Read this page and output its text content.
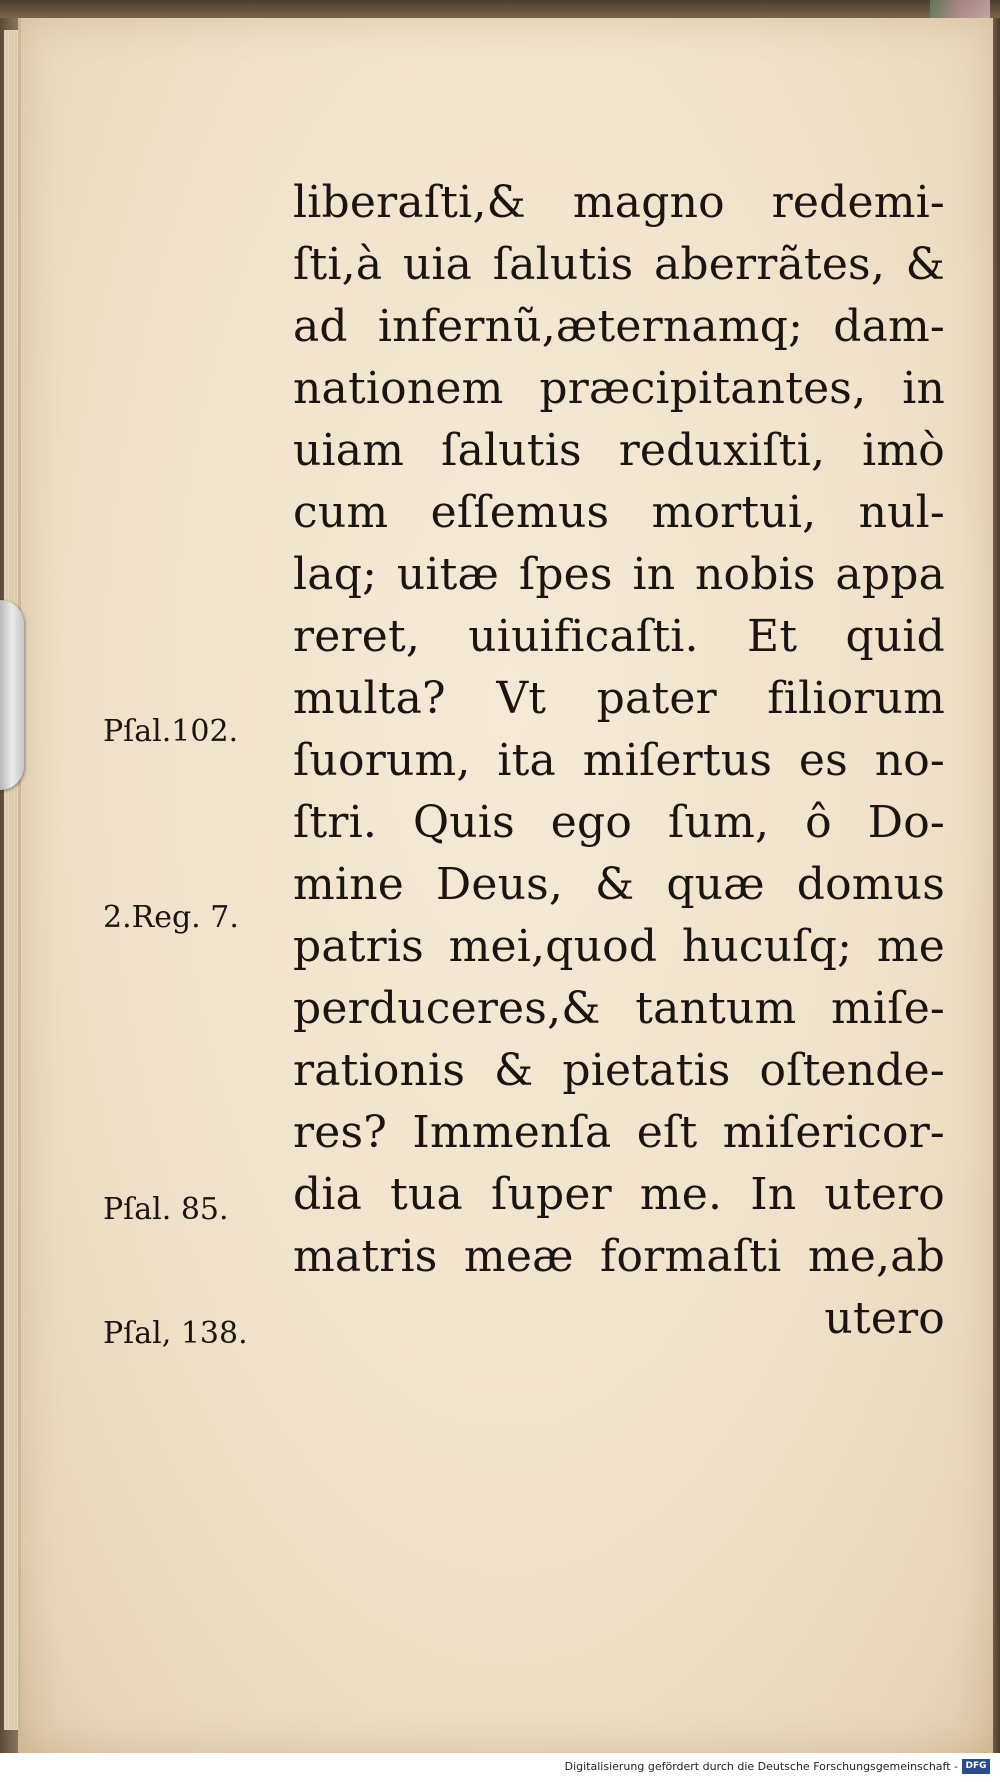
liberaſti,& magno redemi-
ſti,à uia ſalutis aberrãtes, &
ad infernũ,æternamq; dam-
nationem præcipitantes, in
uiam ſalutis reduxiſti, imò
cum eſſemus mortui, nul-
laq; uitæ ſpes in nobis appa
reret, uiuificaſti. Et quid
multa? Vt pater filiorum
ſuorum, ita miſertus es no-
ſtri. Quis ego ſum, ô Do-
mine Deus, & quæ domus
patris mei,quod hucuſq; me
perduceres,& tantum miſe-
rationis & pietatis oſtende-
res? Immenſa eſt miſericor-
dia tua ſuper me. In utero
matris meæ formaſti me,ab
utero
Pſal.102.
2.Reg. 7.
Pſal. 85.
Pſal, 138.
Digitalisierung gefördert durch die Deutsche Forschungsgemeinschaft - DFG
